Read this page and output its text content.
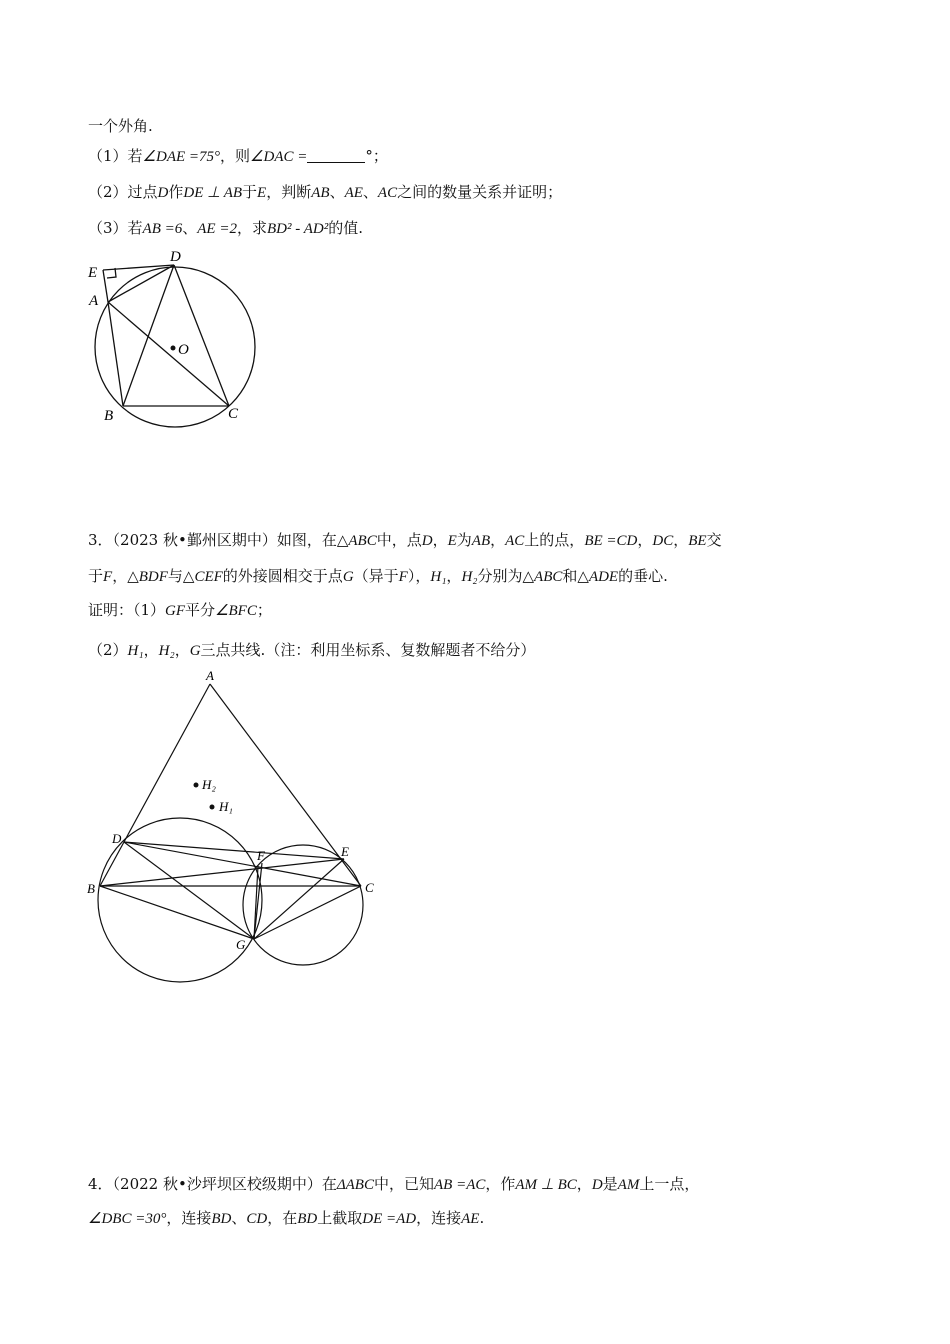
一个外角.
（1）若∠DAE =75°，则∠DAC =	°；
（2）过点D作DE ⊥ AB于E，判断AB、AE、AC之间的数量关系并证明；
（3）若AB =6、AE =2，求BD² - AD²的值.
E
D
A
O
B	C
3．（2023 秋•鄞州区期中）如图，在△ABC中，点D，E为AB，AC上的点，BE =CD，DC，BE交
于F，△BDF与△CEF的外接圆相交于点G（异于F），H₁，H₂分别为△ABC和△ADE的垂心.
证明：（1）GF平分∠BFC；
（2）H₁，H₂，G三点共线.（注：利用坐标系、复数解题者不给分）
A
H₂
H₁
D
F	E
B	C
G
4．（2022 秋•沙坪坝区校级期中）在ΔABC中，已知AB =AC，作AM ⊥ BC，D是AM上一点，
∠DBC =30°，连接BD、CD，在BD上截取DE =AD，连接AE.
